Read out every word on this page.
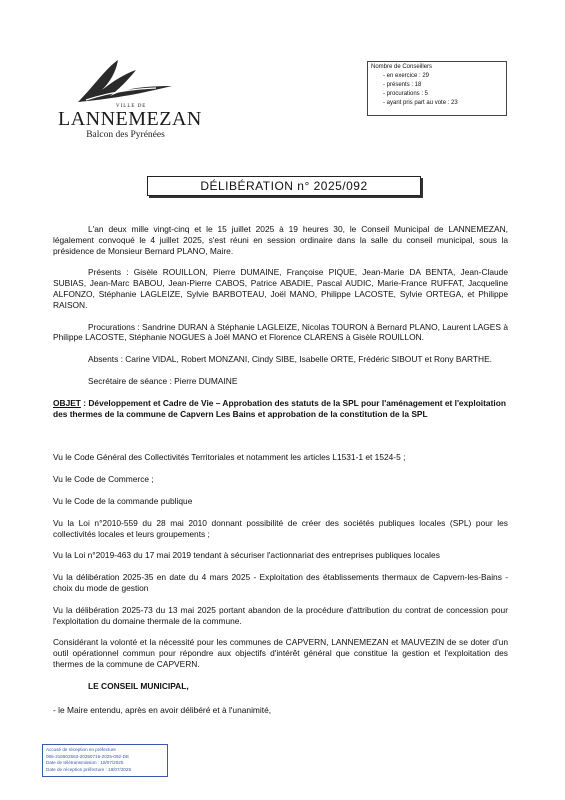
VILLE DE
LANNEMEZAN
Balcon des Pyrénées
Nombre de Conseillers
- en exercice : 29
- présents : 18
- procurations : 5
- ayant pris part au vote : 23
DÉLIBÉRATION n° 2025/092

L'an deux mille vingt-cinq et le 15 juillet 2025 à 19 heures 30, le Conseil Municipal de LANNEMEZAN, légalement convoqué le 4 juillet 2025, s'est réuni en session ordinaire dans la salle du conseil municipal, sous la présidence de Monsieur Bernard PLANO, Maire.

Présents : Gisèle ROUILLON, Pierre DUMAINE, Françoise PIQUE, Jean-Marie DA BENTA, Jean-Claude SUBIAS, Jean-Marc BABOU, Jean-Pierre CABOS, Patrice ABADIE, Pascal AUDIC, Marie-France RUFFAT, Jacqueline ALFONZO, Stéphanie LAGLEIZE, Sylvie BARBOTEAU, Joël MANO, Philippe LACOSTE, Sylvie ORTEGA, et Philippe RAISON.

Procurations : Sandrine DURAN à Stéphanie LAGLEIZE, Nicolas TOURON à Bernard PLANO, Laurent LAGES à Philippe LACOSTE, Stéphanie NOGUES à Joël MANO et Florence CLARENS à Gisèle ROUILLON.

Absents : Carine VIDAL, Robert MONZANI, Cindy SIBE, Isabelle ORTE, Frédéric SIBOUT et Rony BARTHE.

Secrétaire de séance : Pierre DUMAINE

OBJET : Développement et Cadre de Vie – Approbation des statuts de la SPL pour l'aménagement et l'exploitation des thermes de la commune de Capvern Les Bains et approbation de la constitution de la SPL

Vu le Code Général des Collectivités Territoriales et notamment les articles L1531-1 et 1524-5 ;

Vu le Code de Commerce ;

Vu le Code de la commande publique

Vu la Loi n°2010-559 du 28 mai 2010 donnant possibilité de créer des sociétés publiques locales (SPL) pour les collectivités locales et leurs groupements ;

Vu la Loi n°2019-463 du 17 mai 2019 tendant à sécuriser l'actionnariat des entreprises publiques locales

Vu la délibération 2025-35 en date du 4 mars 2025 - Exploitation des établissements thermaux de Capvern-les-Bains - choix du mode de gestion

Vu la délibération 2025-73 du 13 mai 2025 portant abandon de la procédure d'attribution du contrat de concession pour l'exploitation du domaine thermale de la commune.

Considérant la volonté et la nécessité pour les communes de CAPVERN, LANNEMEZAN et MAUVEZIN de se doter d'un outil opérationnel commun pour répondre aux objectifs d'intérêt général que constitue la gestion et l'exploitation des thermes de la commune de CAPVERN.

LE CONSEIL MUNICIPAL,

- le Maire entendu, après en avoir délibéré et à l'unanimité,

Accusé de réception en préfecture
065-216502563-20250716-2025-092-DE
Date de télétransmission : 18/07/2025
Date de réception préfecture : 18/07/2025
